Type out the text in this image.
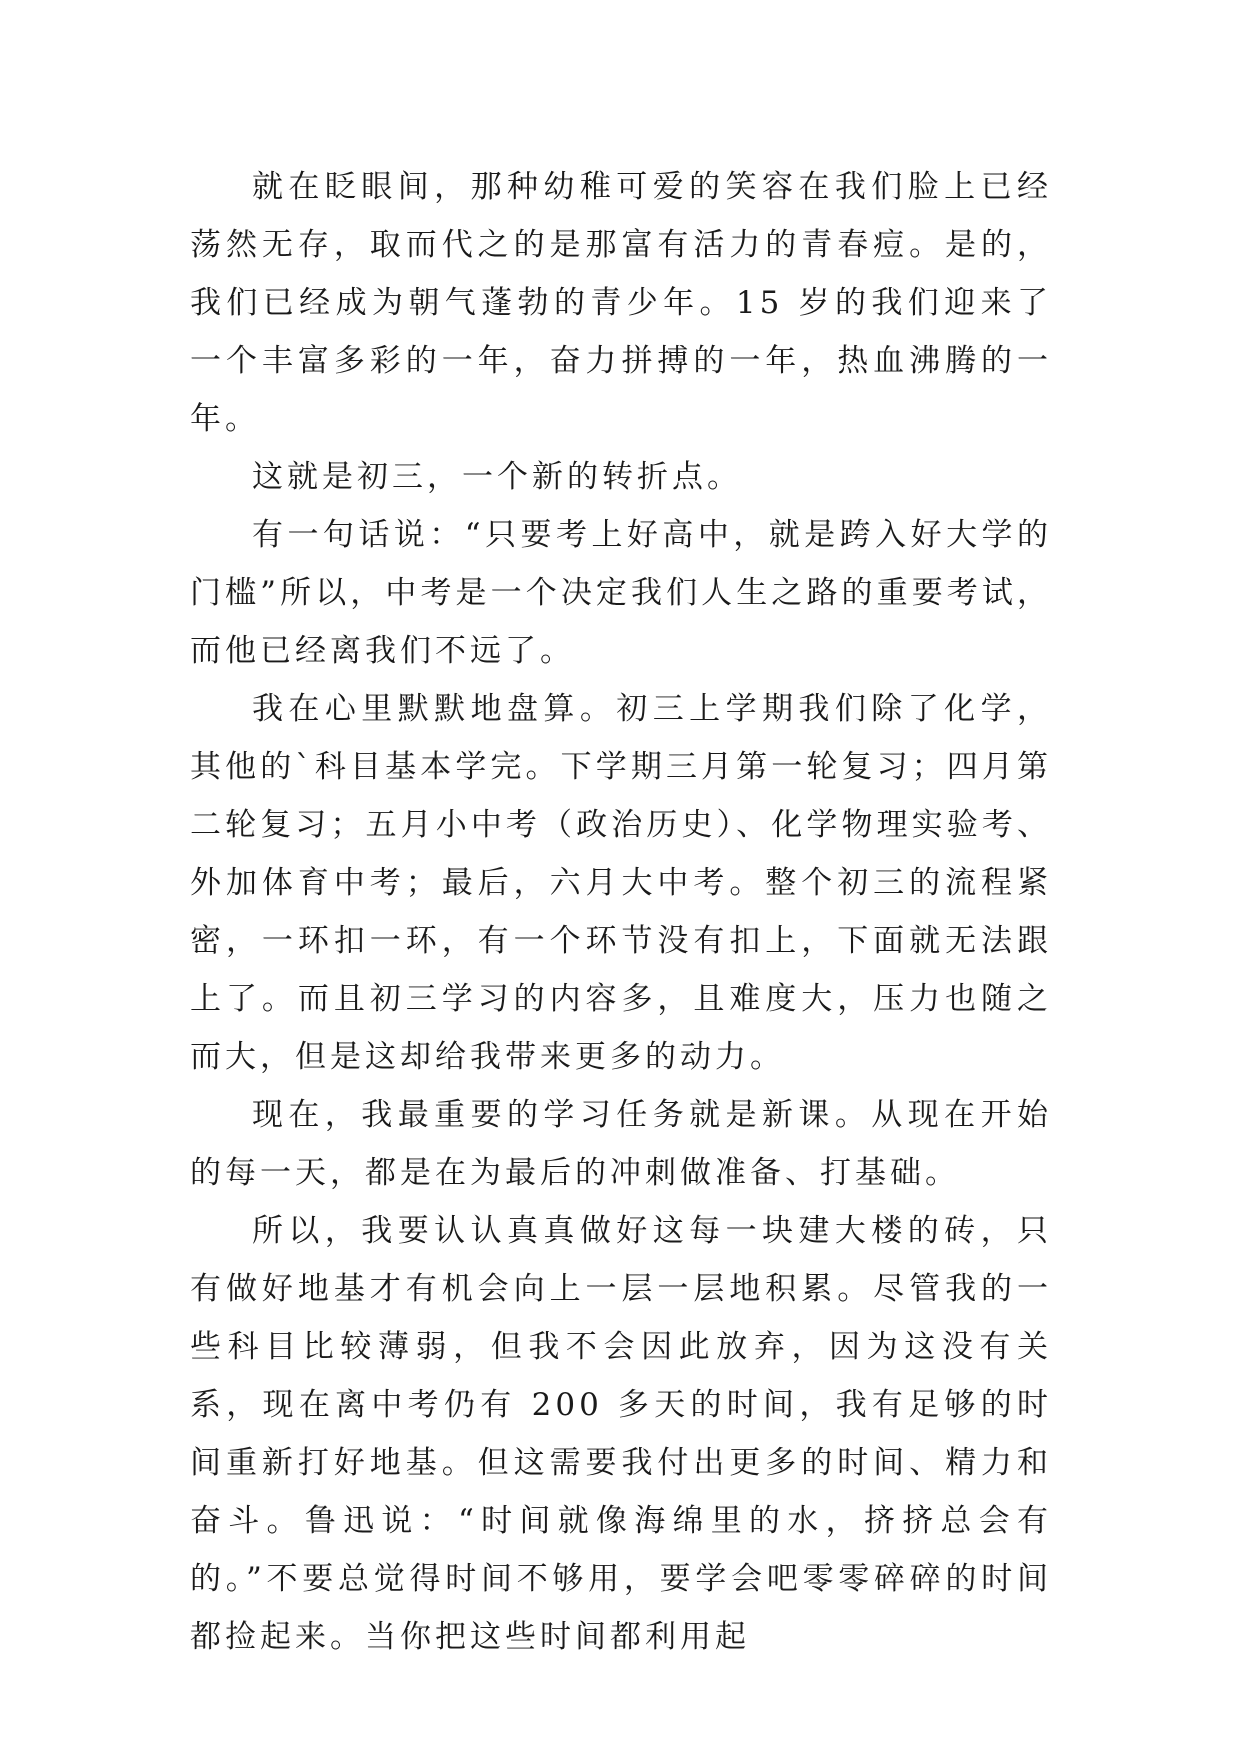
就在眨眼间，那种幼稚可爱的笑容在我们脸上已经荡然无存，取而代之的是那富有活力的青春痘。是的，我们已经成为朝气蓬勃的青少年。15 岁的我们迎来了一个丰富多彩的一年，奋力拼搏的一年，热血沸腾的一年。

这就是初三，一个新的转折点。

有一句话说：“只要考上好高中，就是跨入好大学的门槛”所以，中考是一个决定我们人生之路的重要考试，而他已经离我们不远了。

我在心里默默地盘算。初三上学期我们除了化学，其他的`科目基本学完。下学期三月第一轮复习；四月第二轮复习；五月小中考（政治历史）、化学物理实验考、外加体育中考；最后，六月大中考。整个初三的流程紧密，一环扣一环，有一个环节没有扣上，下面就无法跟上了。而且初三学习的内容多，且难度大，压力也随之而大，但是这却给我带来更多的动力。

现在，我最重要的学习任务就是新课。从现在开始的每一天，都是在为最后的冲刺做准备、打基础。

所以，我要认认真真做好这每一块建大楼的砖，只有做好地基才有机会向上一层一层地积累。尽管我的一些科目比较薄弱，但我不会因此放弃，因为这没有关系，现在离中考仍有 200 多天的时间，我有足够的时间重新打好地基。但这需要我付出更多的时间、精力和奋斗。鲁迅说：“时间就像海绵里的水，挤挤总会有的。”不要总觉得时间不够用，要学会吧零零碎碎的时间都捡起来。当你把这些时间都利用起
